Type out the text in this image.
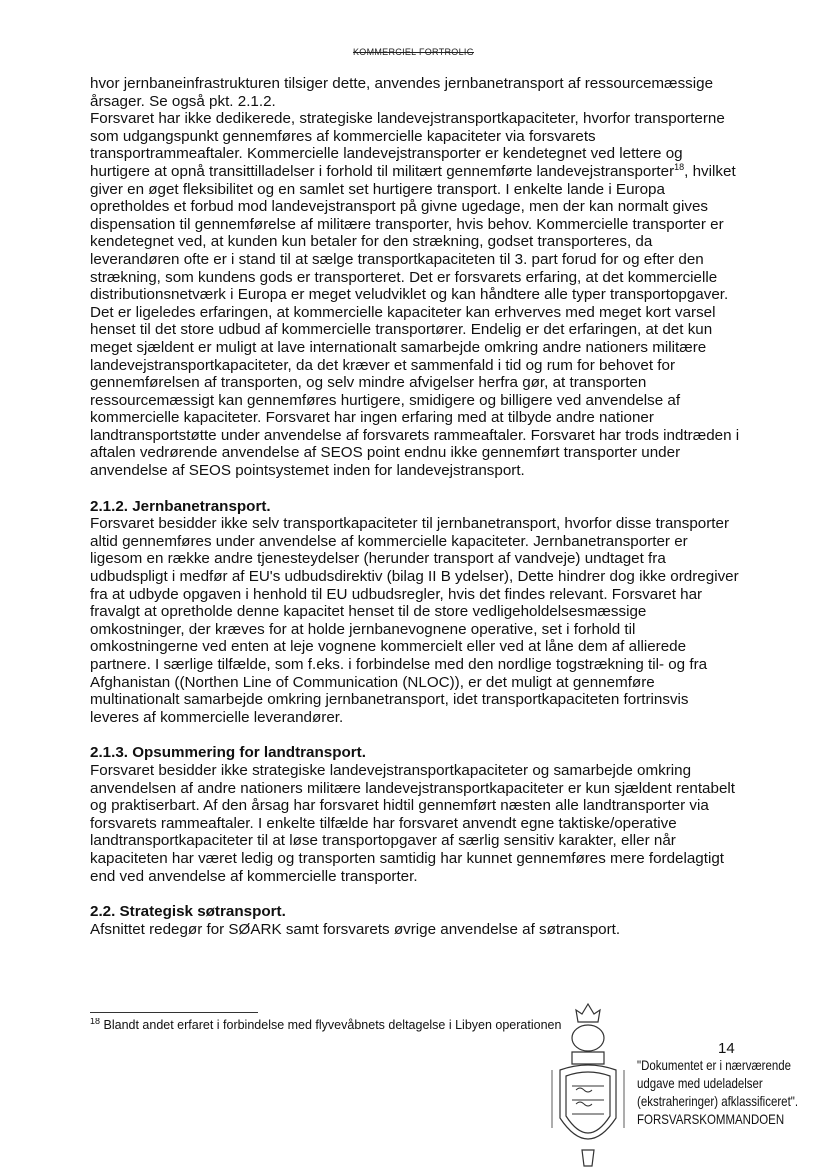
KOMMERCIEL FORTROLIG

hvor jernbaneinfrastrukturen tilsiger dette, anvendes jernbanetransport af ressourcemæssige årsager. Se også pkt. 2.1.2.

Forsvaret har ikke dedikerede, strategiske landevejstransportkapaciteter, hvorfor transporterne som udgangspunkt gennemføres af kommercielle kapaciteter via forsvarets transportrammeaftaler. Kommercielle landevejstransporter er kendetegnet ved lettere og hurtigere at opnå transittilladelser i forhold til militært gennemførte landevejstransporter$^{18}$, hvilket giver en øget fleksibilitet og en samlet set hurtigere transport. I enkelte lande i Europa opretholdes et forbud mod landevejstransport på givne ugedage, men der kan normalt gives dispensation til gennemførelse af militære transporter, hvis behov. Kommercielle transporter er kendetegnet ved, at kunden kun betaler for den strækning, godset transporteres, da leverandøren ofte er i stand til at sælge transportkapaciteten til 3. part forud for og efter den strækning, som kundens gods er transporteret. Det er forsvarets erfaring, at det kommercielle distributionsnetværk i Europa er meget veludviklet og kan håndtere alle typer transportopgaver. Det er ligeledes erfaringen, at kommercielle kapaciteter kan erhverves med meget kort varsel henset til det store udbud af kommercielle transportører. Endelig er det erfaringen, at det kun meget sjældent er muligt at lave internationalt samarbejde omkring andre nationers militære landevejstransportkapaciteter, da det kræver et sammenfald i tid og rum for behovet for gennemførelsen af transporten, og selv mindre afvigelser herfra gør, at transporten ressourcemæssigt kan gennemføres hurtigere, smidigere og billigere ved anvendelse af kommercielle kapaciteter. Forsvaret har ingen erfaring med at tilbyde andre nationer landtransportstøtte under anvendelse af forsvarets rammeaftaler. Forsvaret har trods indtræden i aftalen vedrørende anvendelse af SEOS point endnu ikke gennemført transporter under anvendelse af SEOS pointsystemet inden for landevejstransport.

2.1.2. Jernbanetransport.

Forsvaret besidder ikke selv transportkapaciteter til jernbanetransport, hvorfor disse transporter altid gennemføres under anvendelse af kommercielle kapaciteter. Jernbanetransporter er ligesom en række andre tjenesteydelser (herunder transport af vandveje) undtaget fra udbudspligt i medfør af EU's udbudsdirektiv (bilag II B ydelser), Dette hindrer dog ikke ordregiver fra at udbyde opgaven i henhold til EU udbudsregler, hvis det findes relevant. Forsvaret har fravalgt at opretholde denne kapacitet henset til de store vedligeholdelsesmæssige omkostninger, der kræves for at holde jernbanevognene operative, set i forhold til omkostningerne ved enten at leje vognene kommercielt eller ved at låne dem af allierede partnere. I særlige tilfælde, som f.eks. i forbindelse med den nordlige togstrækning til- og fra Afghanistan ((Northen Line of Communication (NLOC)), er det muligt at gennemføre multinationalt samarbejde omkring jernbanetransport, idet transportkapaciteten fortrinsvis leveres af kommercielle leverandører.

2.1.3. Opsummering for landtransport.

Forsvaret besidder ikke strategiske landevejstransportkapaciteter og samarbejde omkring anvendelsen af andre nationers militære landevejstransportkapaciteter er kun sjældent rentabelt og praktiserbart. Af den årsag har forsvaret hidtil gennemført næsten alle landtransporter via forsvarets rammeaftaler. I enkelte tilfælde har forsvaret anvendt egne taktiske/operative landtransportkapaciteter til at løse transportopgaver af særlig sensitiv karakter, eller når kapaciteten har været ledig og transporten samtidig har kunnet gennemføres mere fordelagtigt end ved anvendelse af kommercielle transporter.

2.2. Strategisk søtransport.

Afsnittet redegør for SØARK samt forsvarets øvrige anvendelse af søtransport.

$^{18}$ Blandt andet erfaret i forbindelse med flyvevåbnets deltagelse i Libyen operationen
14
"Dokumentet er i nærværende
udgave med udeladelser
(ekstraheringer) afklassificeret".
FORSVARSKOMMANDOEN
